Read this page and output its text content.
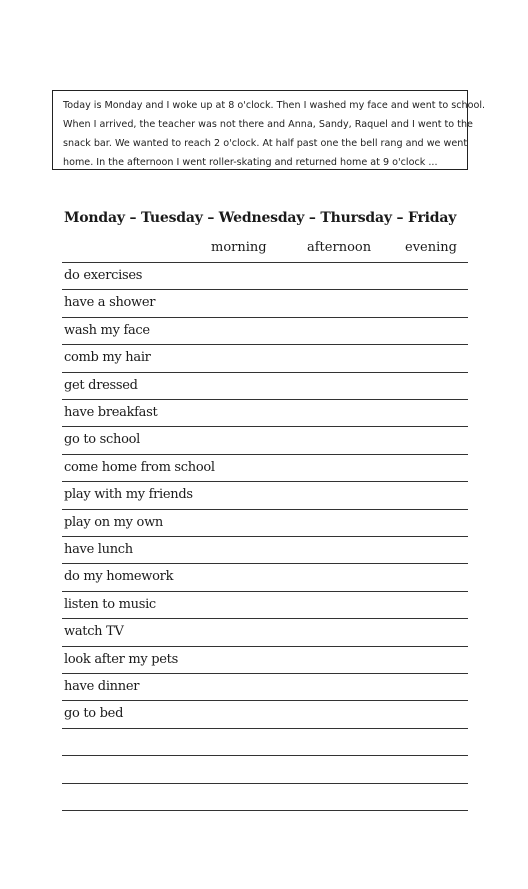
Today is Monday and I woke up at 8 o'clock. Then I washed my face and went to school.
When I arrived, the teacher was not there and Anna, Sandy, Raquel and I went to the
snack bar. We wanted to reach 2 o'clock. At half past one the bell rang and we went
home. In the afternoon I went roller-skating and returned home at 9 o'clock ...
Monday – Tuesday – Wednesday – Thursday – Friday
morning	afternoon	evening
do exercises
have a shower
wash my face
comb my hair
get dressed
have breakfast
go to school
come home from school
play with my friends
play on my own
have lunch
do my homework
listen to music
watch TV
look after my pets
have dinner
go to bed
